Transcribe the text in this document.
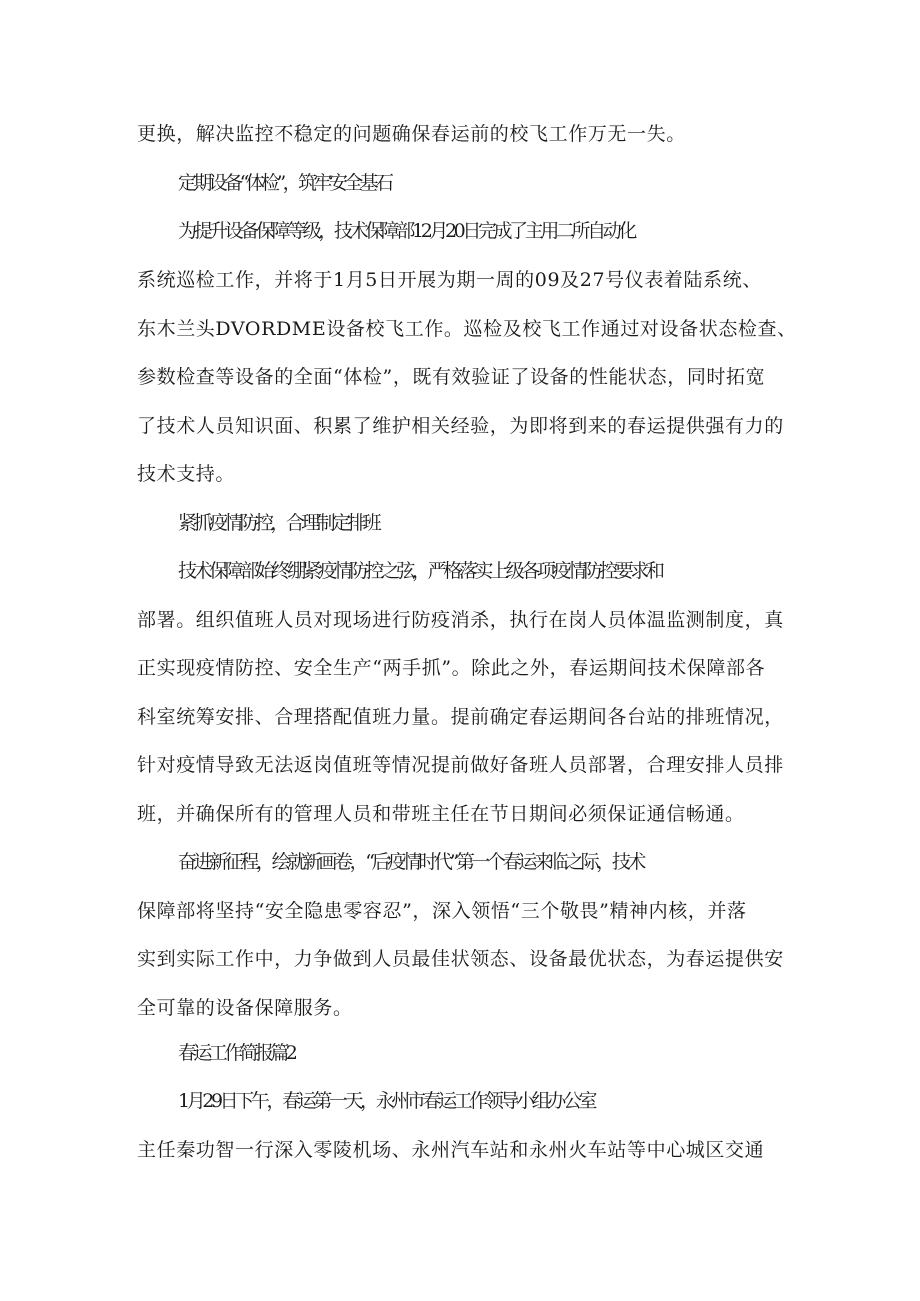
更换，解决监控不稳定的问题确保春运前的校飞工作万无一失。
定期设备“体检”，筑牢安全基石
为提升设备保障等级，技术保障部12月20日完成了主用二所自动化
系统巡检工作，并将于1月5日开展为期一周的09及27号仪表着陆系统、
东木兰头DVORDME设备校飞工作。巡检及校飞工作通过对设备状态检查、
参数检查等设备的全面“体检”，既有效验证了设备的性能状态，同时拓宽
了技术人员知识面、积累了维护相关经验，为即将到来的春运提供强有力的
技术支持。
紧抓疫情防控，合理制定排班
技术保障部始终绷紧疫情防控之弦，严格落实上级各项疫情防控要求和
部署。组织值班人员对现场进行防疫消杀，执行在岗人员体温监测制度，真
正实现疫情防控、安全生产“两手抓”。除此之外，春运期间技术保障部各
科室统筹安排、合理搭配值班力量。提前确定春运期间各台站的排班情况，
针对疫情导致无法返岗值班等情况提前做好备班人员部署，合理安排人员排
班，并确保所有的管理人员和带班主任在节日期间必须保证通信畅通。
奋进新征程，绘就新画卷，“后疫情时代”第一个春运来临之际，技术
保障部将坚持“安全隐患零容忍”，深入领悟“三个敬畏”精神内核，并落
实到实际工作中，力争做到人员最佳状领态、设备最优状态，为春运提供安
全可靠的设备保障服务。
春运工作简报篇2
1月29日下午，春运第一天，永州市春运工作领导小组办公室
主任秦功智一行深入零陵机场、永州汽车站和永州火车站等中心城区交通
